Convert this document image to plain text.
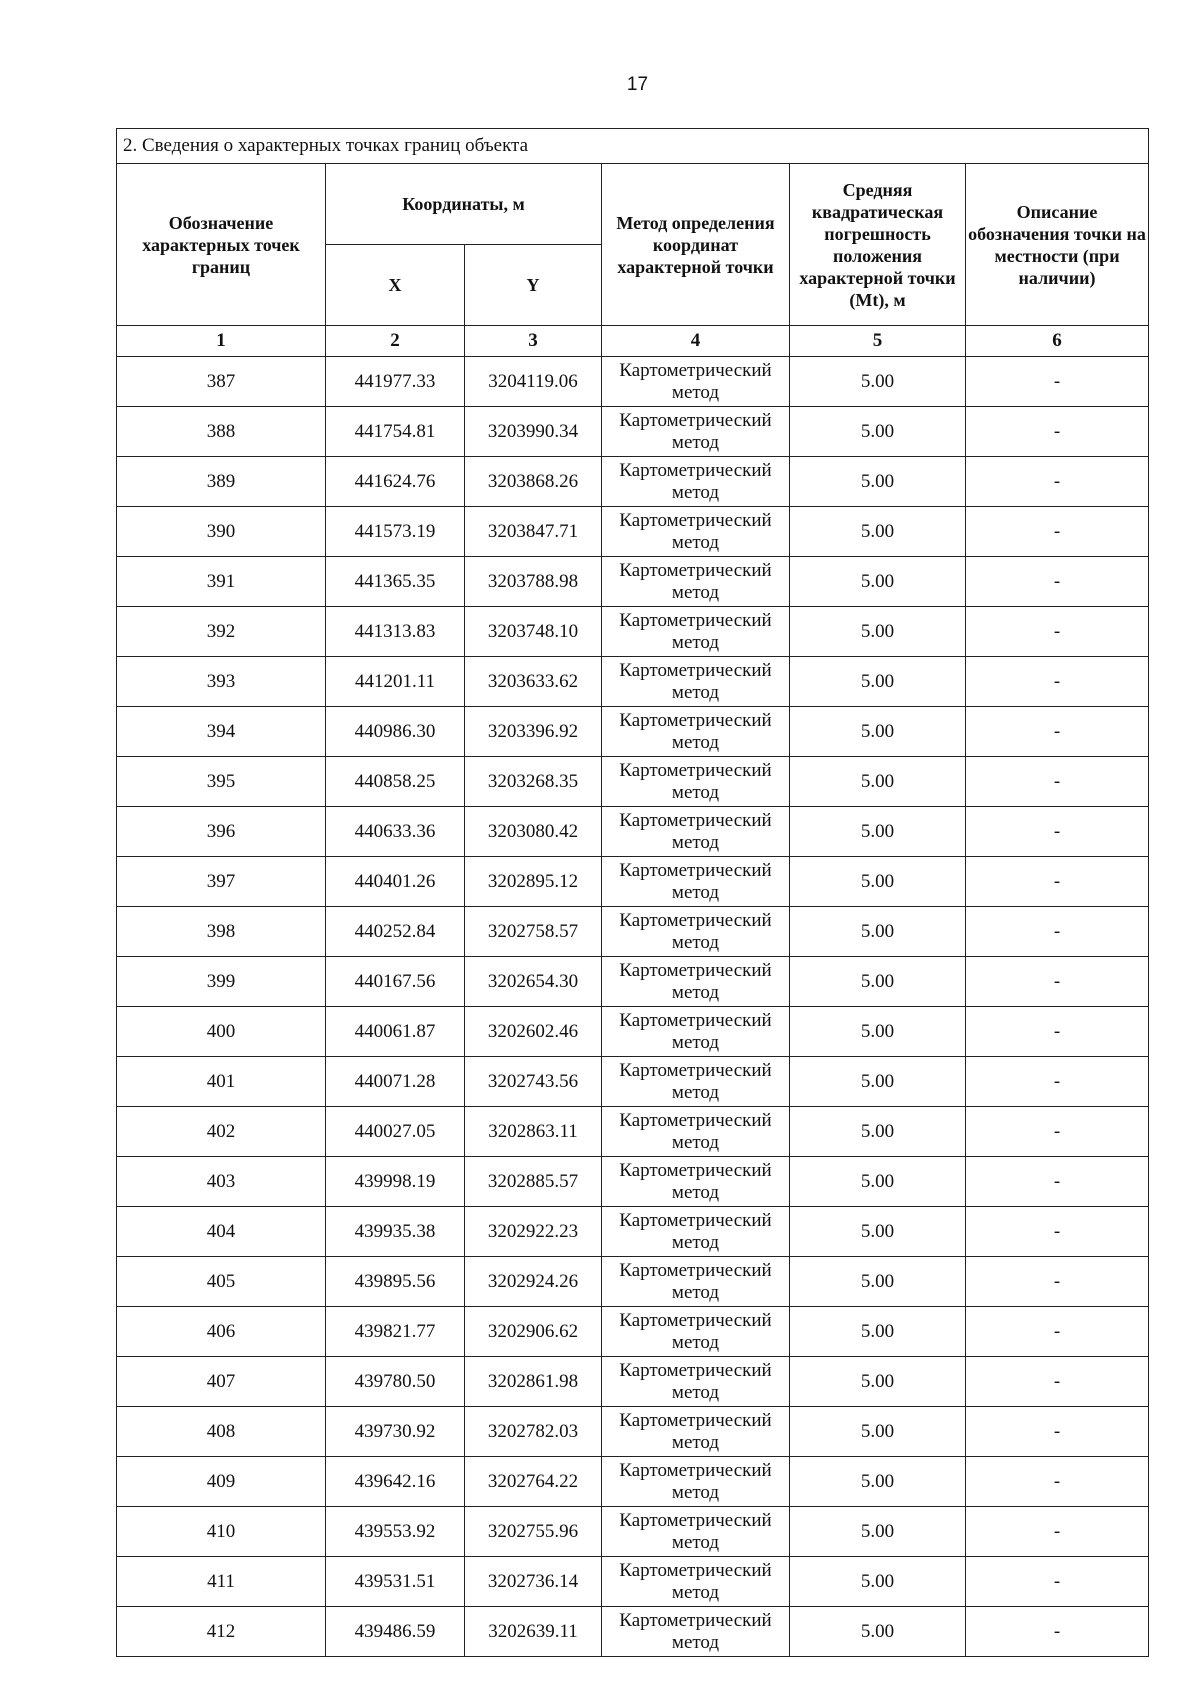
17
2. Сведения о характерных точках границ объекта					
Обозначение характерных точек границ	Координаты, м		Метод определения координат характерной точки	Средняя квадратическая погрешность положения характерной точки (Mt), м	Описание обозначения точки на местности (при наличии)
	X	Y			
1	2	3	4	5	6
387	441977.33	3204119.06	Картометрический метод	5.00	-
388	441754.81	3203990.34	Картометрический метод	5.00	-
389	441624.76	3203868.26	Картометрический метод	5.00	-
390	441573.19	3203847.71	Картометрический метод	5.00	-
391	441365.35	3203788.98	Картометрический метод	5.00	-
392	441313.83	3203748.10	Картометрический метод	5.00	-
393	441201.11	3203633.62	Картометрический метод	5.00	-
394	440986.30	3203396.92	Картометрический метод	5.00	-
395	440858.25	3203268.35	Картометрический метод	5.00	-
396	440633.36	3203080.42	Картометрический метод	5.00	-
397	440401.26	3202895.12	Картометрический метод	5.00	-
398	440252.84	3202758.57	Картометрический метод	5.00	-
399	440167.56	3202654.30	Картометрический метод	5.00	-
400	440061.87	3202602.46	Картометрический метод	5.00	-
401	440071.28	3202743.56	Картометрический метод	5.00	-
402	440027.05	3202863.11	Картометрический метод	5.00	-
403	439998.19	3202885.57	Картометрический метод	5.00	-
404	439935.38	3202922.23	Картометрический метод	5.00	-
405	439895.56	3202924.26	Картометрический метод	5.00	-
406	439821.77	3202906.62	Картометрический метод	5.00	-
407	439780.50	3202861.98	Картометрический метод	5.00	-
408	439730.92	3202782.03	Картометрический метод	5.00	-
409	439642.16	3202764.22	Картометрический метод	5.00	-
410	439553.92	3202755.96	Картометрический метод	5.00	-
411	439531.51	3202736.14	Картометрический метод	5.00	-
412	439486.59	3202639.11	Картометрический метод	5.00	-
